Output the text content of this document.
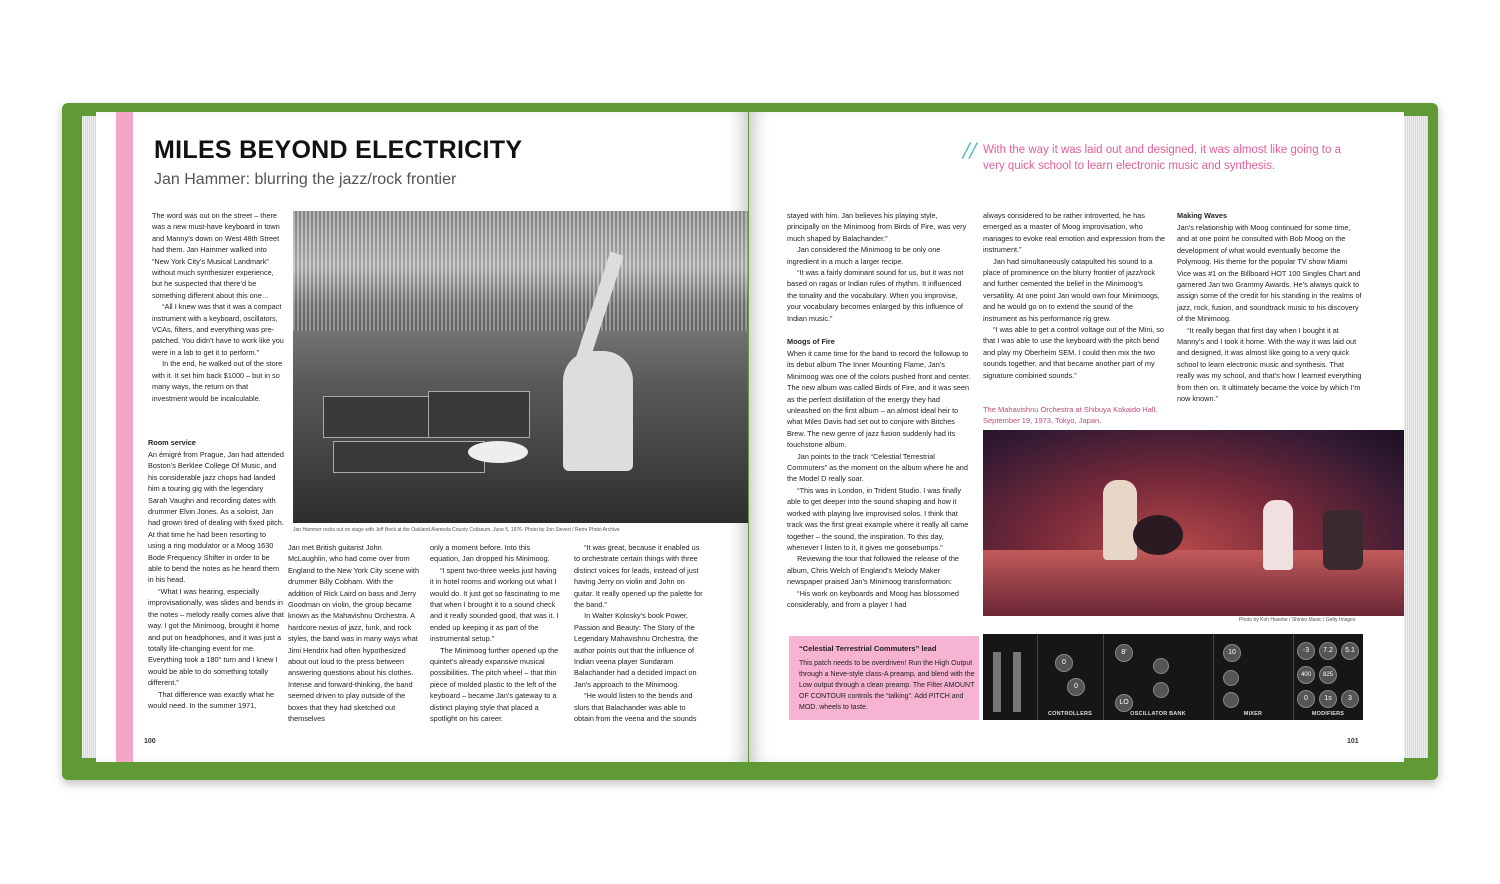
MILES BEYOND ELECTRICITY
Jan Hammer: blurring the jazz/rock frontier
The word was out on the street – there was a new must-have keyboard in town and Manny’s down on West 48th Street had them. Jan Hammer walked into “New York City’s Musical Landmark” without much synthesizer experience, but he suspected that there’d be something different about this one…
“All I knew was that it was a compact instrument with a keyboard, oscillators, VCAs, filters, and everything was pre-patched. You didn’t have to work like you were in a lab to get it to perform.”
In the end, he walked out of the store with it. It set him back $1000 – but in so many ways, the return on that investment would be incalculable.
Room service
An émigré from Prague, Jan had attended Boston’s Berklee College Of Music, and his considerable jazz chops had landed him a touring gig with the legendary Sarah Vaughn and recording dates with drummer Elvin Jones. As a soloist, Jan had grown tired of dealing with fixed pitch. At that time he had been resorting to using a ring modulator or a Moog 1630 Bode Frequency Shifter in order to be able to bend the notes as he heard them in his head.
“What I was hearing, especially improvisationally, was slides and bends in the notes – melody really comes alive that way. I got the Minimoog, brought it home and put on headphones, and it was just a totally life-changing event for me. Everything took a 180° turn and I knew I would be able to do something totally different.”
That difference was exactly what he would need. In the summer 1971,
Jan Hammer rocks out on stage with Jeff Beck at the Oakland Alameda County Coliseum, June 5, 1976. Photo by Jon Sievert / Retro Photo Archive
Jan met British guitarist John McLaughlin, who had come over from England to the New York City scene with drummer Billy Cobham. With the addition of Rick Laird on bass and Jerry Goodman on violin, the group became known as the Mahavishnu Orchestra. A hardcore nexus of jazz, funk, and rock styles, the band was in many ways what Jimi Hendrix had often hypothesized about out loud to the press between answering questions about his clothes. Intense and forward-thinking, the band seemed driven to play outside of the boxes that they had sketched out themselves
only a moment before. Into this equation, Jan dropped his Minimoog.
“I spent two-three weeks just having it in hotel rooms and working out what I would do. It just got so fascinating to me that when I brought it to a sound check and it really sounded good, that was it. I ended up keeping it as part of the instrumental setup.”
The Minimoog further opened up the quintet’s already expansive musical possibilities. The pitch wheel – that thin piece of molded plastic to the left of the keyboard – became Jan’s gateway to a distinct playing style that placed a spotlight on his career.
“It was great, because it enabled us to orchestrate certain things with three distinct voices for leads, instead of just having Jerry on violin and John on guitar. It really opened up the palette for the band.”
In Walter Kolosky’s book Power, Passion and Beauty: The Story of the Legendary Mahavishnu Orchestra, the author points out that the influence of Indian veena player Sundaram Balachander had a decided impact on Jan’s approach to the Minimoog.
“He would listen to the bends and slurs that Balachander was able to obtain from the veena and the sounds
100
// With the way it was laid out and designed, it was almost like going to a very quick school to learn electronic music and synthesis.
stayed with him. Jan believes his playing style, principally on the Minimoog from Birds of Fire, was very much shaped by Balachander.”
Jan considered the Minimoog to be only one ingredient in a much a larger recipe.
“It was a fairly dominant sound for us, but it was not based on ragas or Indian rules of rhythm. It influenced the tonality and the vocabulary. When you improvise, your vocabulary becomes enlarged by this influence of Indian music.”
Moogs of Fire
When it came time for the band to record the followup to its debut album The Inner Mounting Flame, Jan’s Minimoog was one of the colors pushed front and center. The new album was called Birds of Fire, and it was seen as the perfect distillation of the energy they had unleashed on the first album – an almost ideal heir to what Miles Davis had set out to conjure with Bitches Brew. The new genre of jazz fusion suddenly had its touchstone album.
Jan points to the track “Celestial Terrestrial Commuters” as the moment on the album where he and the Model D really soar.
“This was in London, in Trident Studio. I was finally able to get deeper into the sound shaping and how it worked with playing live improvised solos. I think that track was the first great example where it really all came together – the sound, the inspiration. To this day, whenever I listen to it, it gives me goosebumps.”
Reviewing the tour that followed the release of the album, Chris Welch of England’s Melody Maker newspaper praised Jan’s Minimoog transformation:
“His work on keyboards and Moog has blossomed considerably, and from a player I had
always considered to be rather introverted, he has emerged as a master of Moog improvisation, who manages to evoke real emotion and expression from the instrument.”
Jan had simultaneously catapulted his sound to a place of prominence on the blurry frontier of jazz/rock and further cemented the belief in the Minimoog’s versatility. At one point Jan would own four Minimoogs, and he would go on to extend the sound of the instrument as his performance rig grew.
“I was able to get a control voltage out of the Mini, so that I was able to use the keyboard with the pitch bend and play my Oberheim SEM. I could then mix the two sounds together, and that became another part of my signature combined sounds.”
The Mahavishnu Orchestra at Shibuya Kokaido Hall, September 19, 1973, Tokyo, Japan.
Making Waves
Jan’s relationship with Moog continued for some time, and at one point he consulted with Bob Moog on the development of what would eventually become the Polymoog. His theme for the popular TV show Miami Vice was #1 on the Billboard HOT 100 Singles Chart and garnered Jan two Grammy Awards. He’s always quick to assign some of the credit for his standing in the realms of jazz, rock, fusion, and soundtrack music to his discovery of the Minimoog.
“It really began that first day when I bought it at Manny’s and I took it home. With the way it was laid out and designed, it was almost like going to a very quick school to learn electronic music and synthesis. That really was my school, and that’s how I learned everything from then on. It ultimately became the voice by which I’m now known.”
Photo by Koh Hasebe / Shinko Music / Getty Images
“Celestial Terrestrial Commuters” lead
This patch needs to be overdriven! Run the High Output through a Neve-style class-A preamp, and blend with the Low output through a clean preamp. The Filter AMOUNT OF CONTOUR controls the “talking”. Add PITCH and MOD. wheels to taste.
0
0
CONTROLLERS
8'
LO
OSCILLATOR BANK
10
MIXER
-3	7.2	5.1
400	825
0	1s	3
MODIFIERS
101
